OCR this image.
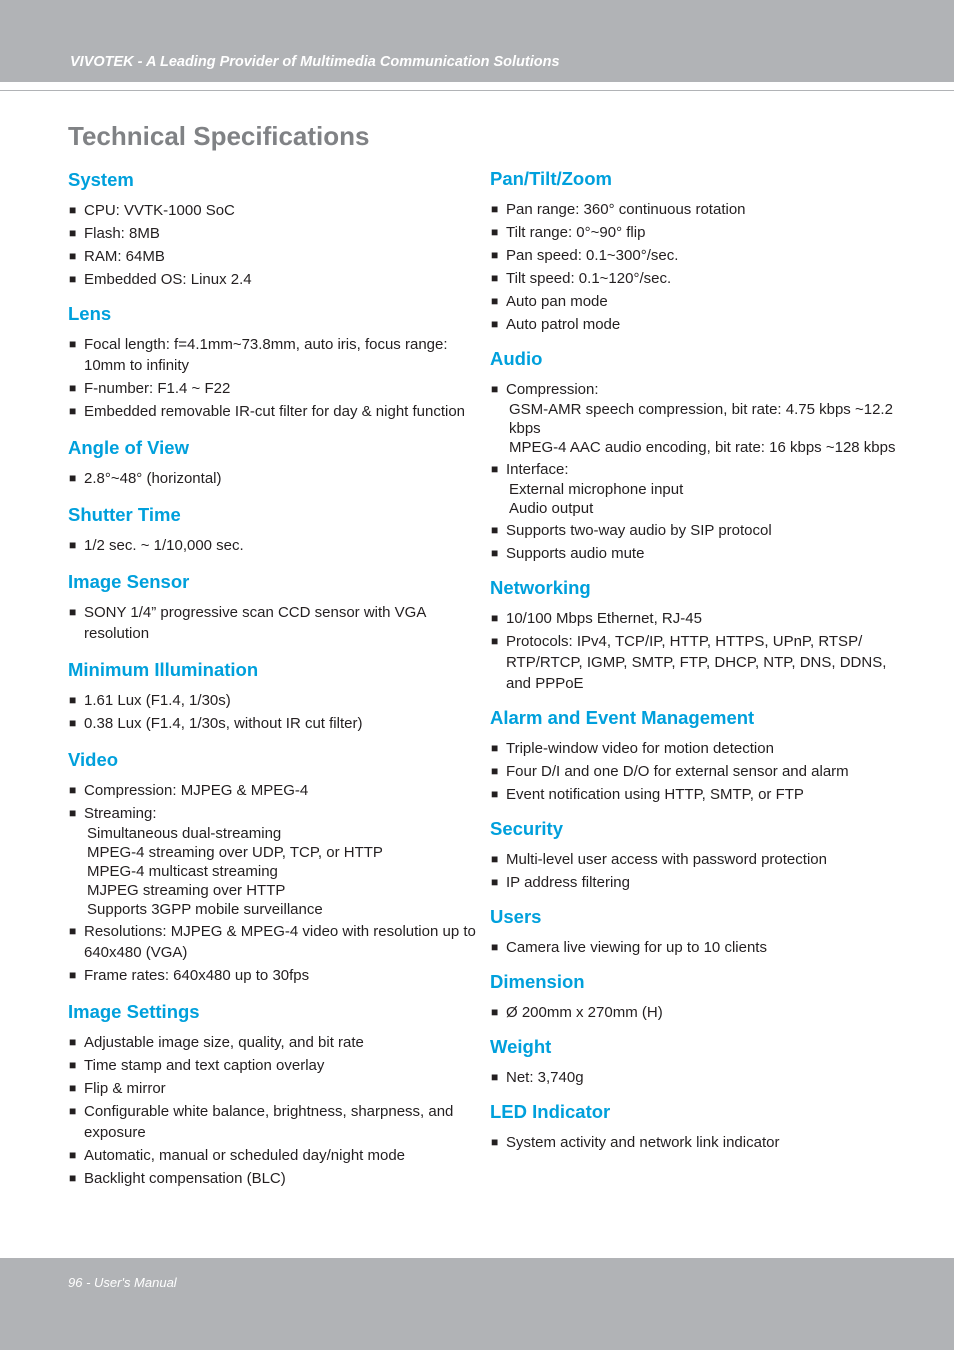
VIVOTEK - A Leading Provider of Multimedia Communication Solutions
Technical Specifications
System
■ CPU: VVTK-1000 SoC
■ Flash: 8MB
■ RAM: 64MB
■ Embedded OS: Linux 2.4
Lens
■ Focal length: f=4.1mm~73.8mm, auto iris, focus range: 10mm to infinity
■ F-number: F1.4 ~ F22
■ Embedded removable IR-cut filter for day & night function
Angle of View
■ 2.8°~48° (horizontal)
Shutter Time
■ 1/2 sec. ~ 1/10,000 sec.
Image Sensor
■ SONY 1/4” progressive scan CCD sensor with VGA resolution
Minimum Illumination
■ 1.61 Lux (F1.4, 1/30s)
■ 0.38 Lux (F1.4, 1/30s, without IR cut filter)
Video
■ Compression: MJPEG & MPEG-4
■ Streaming:
Simultaneous dual-streaming
MPEG-4 streaming over UDP, TCP, or HTTP
MPEG-4 multicast streaming
MJPEG streaming over HTTP
Supports 3GPP mobile surveillance
■ Resolutions: MJPEG & MPEG-4 video with resolution up to 640x480 (VGA)
■ Frame rates: 640x480 up to 30fps
Image Settings
■ Adjustable image size, quality, and bit rate
■ Time stamp and text caption overlay
■ Flip & mirror
■ Configurable white balance, brightness, sharpness, and exposure
■ Automatic, manual or scheduled day/night mode
■ Backlight compensation (BLC)
Pan/Tilt/Zoom
■ Pan range: 360° continuous rotation
■ Tilt range: 0°~90° flip
■ Pan speed: 0.1~300°/sec.
■ Tilt speed: 0.1~120°/sec.
■ Auto pan mode
■ Auto patrol mode
Audio
■ Compression:
GSM-AMR speech compression, bit rate: 4.75 kbps ~12.2 kbps
MPEG-4 AAC audio encoding, bit rate: 16 kbps ~128 kbps
■ Interface:
External microphone input
Audio output
■ Supports two-way audio by SIP protocol
■ Supports audio mute
Networking
■ 10/100 Mbps Ethernet, RJ-45
■ Protocols: IPv4, TCP/IP, HTTP, HTTPS, UPnP, RTSP/ RTP/RTCP, IGMP, SMTP, FTP, DHCP, NTP, DNS, DDNS, and PPPoE
Alarm and Event Management
■ Triple-window video for motion detection
■ Four D/I and one D/O for external sensor and alarm
■ Event notification using HTTP, SMTP, or FTP
Security
■ Multi-level user access with password protection
■ IP address filtering
Users
■ Camera live viewing for up to 10 clients
Dimension
■ Ø 200mm x 270mm (H)
Weight
■ Net: 3,740g
LED Indicator
■ System activity and network link indicator
96 - User's Manual
